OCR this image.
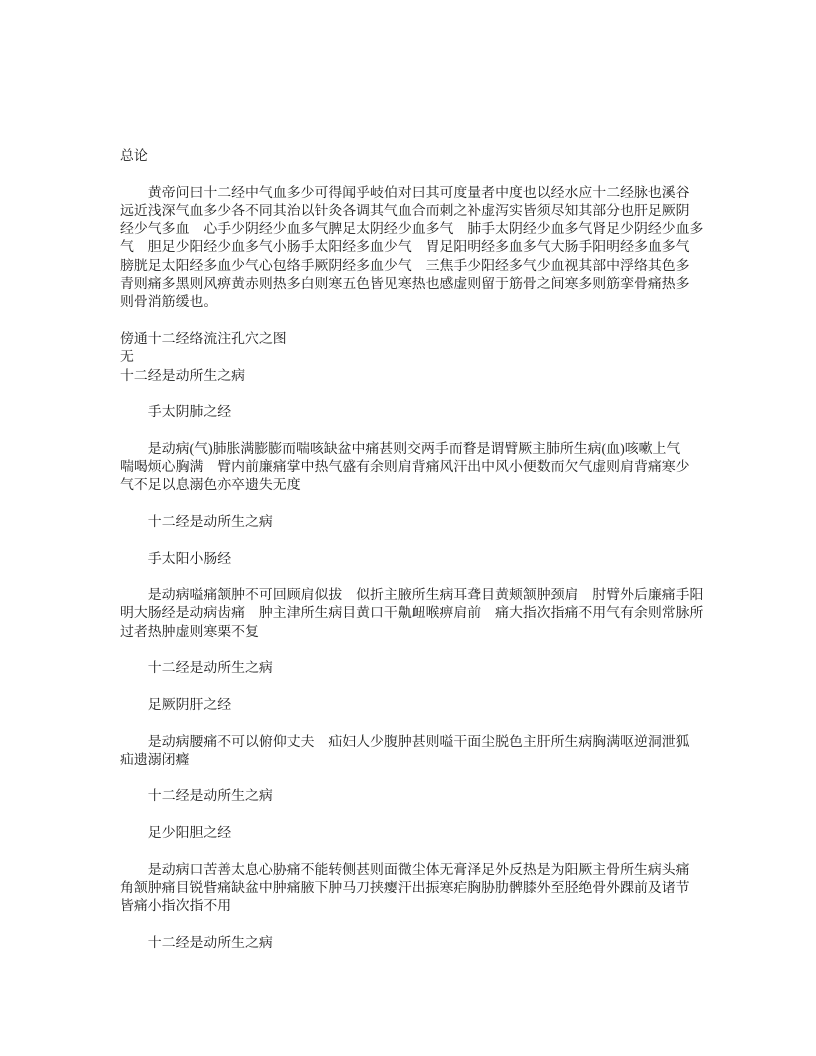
总论
黄帝问曰十二经中气血多少可得闻乎岐伯对曰其可度量者中度也以经水应十二经脉也溪谷
远近浅深气血多少各不同其治以针灸各调其气血合而刺之补虚泻实皆须尽知其部分也肝足厥阴
经少气多血　心手少阴经少血多气脾足太阴经少血多气　肺手太阴经少血多气肾足少阴经少血多
气　胆足少阳经少血多气小肠手太阳经多血少气　胃足阳明经多血多气大肠手阳明经多血多气
膀胱足太阳经多血少气心包络手厥阴经多血少气　三焦手少阳经多气少血视其部中浮络其色多
青则痛多黑则风痹黄赤则热多白则寒五色皆见寒热也感虚则留于筋骨之间寒多则筋挛骨痛热多
则骨消筋缓也。
傍通十二经络流注孔穴之图
无
十二经是动所生之病
手太阴肺之经
是动病(气)肺胀满膨膨而喘咳缺盆中痛甚则交两手而瞀是谓臂厥主肺所生病(血)咳嗽上气
喘喝烦心胸满　臂内前廉痛掌中热气盛有余则肩背痛风汗出中风小便数而欠气虚则肩背痛寒少
气不足以息溺色亦卒遗失无度
十二经是动所生之病
手太阳小肠经
是动病嗌痛颔肿不可回顾肩似拔　似折主腋所生病耳聋目黄颊颔肿颈肩　肘臂外后廉痛手阳
明大肠经是动病齿痛　肿主津所生病目黄口干鼽衄喉痹肩前　痛大指次指痛不用气有余则常脉所
过者热肿虚则寒栗不复
十二经是动所生之病
足厥阴肝之经
是动病腰痛不可以俯仰丈夫　疝妇人少腹肿甚则嗌干面尘脱色主肝所生病胸满呕逆洞泄狐
疝遗溺闭癃
十二经是动所生之病
足少阳胆之经
是动病口苦善太息心胁痛不能转侧甚则面微尘体无膏泽足外反热是为阳厥主骨所生病头痛
角颔肿痛目锐眥痛缺盆中肿痛腋下肿马刀挟瘿汗出振寒疟胸胁肋髀膝外至胫绝骨外踝前及诸节
皆痛小指次指不用
十二经是动所生之病
